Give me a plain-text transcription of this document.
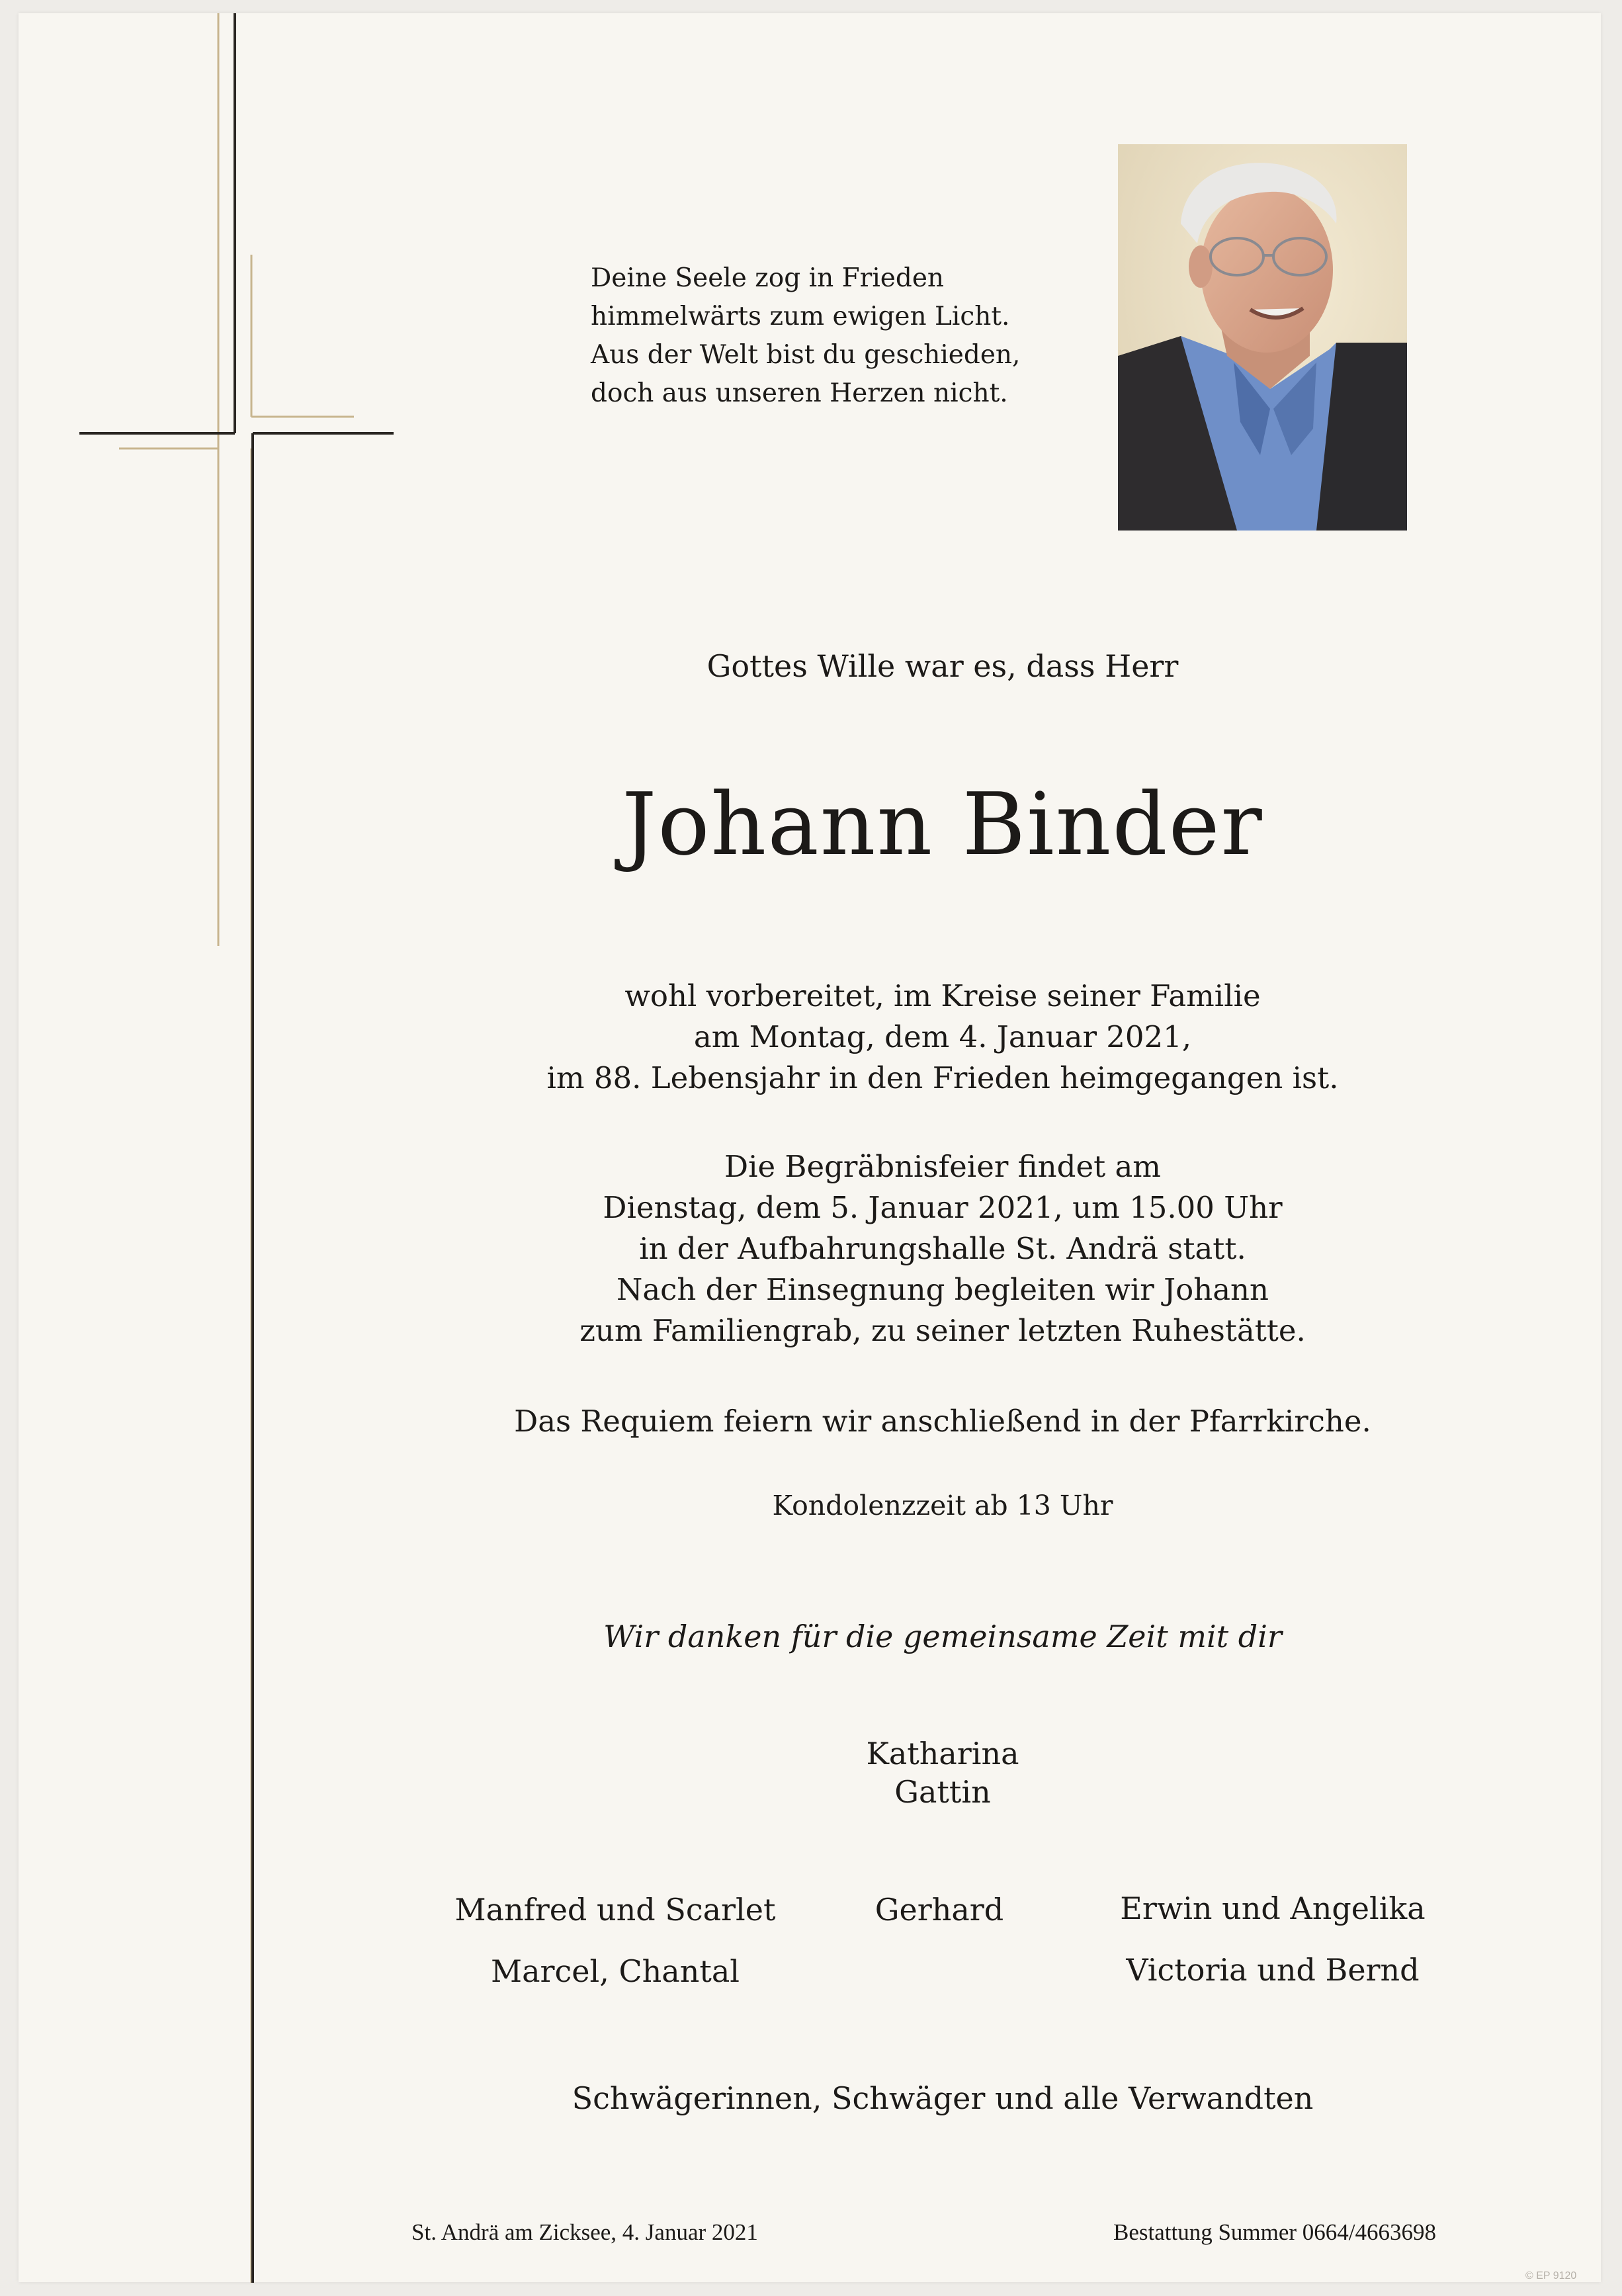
Deine Seele zog in Frieden
himmelwärts zum ewigen Licht.
Aus der Welt bist du geschieden,
doch aus unseren Herzen nicht.
Gottes Wille war es, dass Herr
Johann Binder
wohl vorbereitet, im Kreise seiner Familie
am Montag, dem 4. Januar 2021,
im 88. Lebensjahr in den Frieden heimgegangen ist.
Die Begräbnisfeier findet am
Dienstag, dem 5. Januar 2021, um 15.00 Uhr
in der Aufbahrungshalle St. Andrä statt.
Nach der Einsegnung begleiten wir Johann
zum Familiengrab, zu seiner letzten Ruhestätte.
Das Requiem feiern wir anschließend in der Pfarrkirche.
Kondolenzzeit ab 13 Uhr
Wir danken für die gemeinsame Zeit mit dir
Katharina
Gattin
Manfred und Scarlet
Marcel, Chantal
Gerhard	Erwin und Angelika
Victoria und Bernd
Schwägerinnen, Schwäger und alle Verwandten
St. Andrä am Zicksee, 4. Januar 2021	Bestattung Summer 0664/4663698
© EP 9120
